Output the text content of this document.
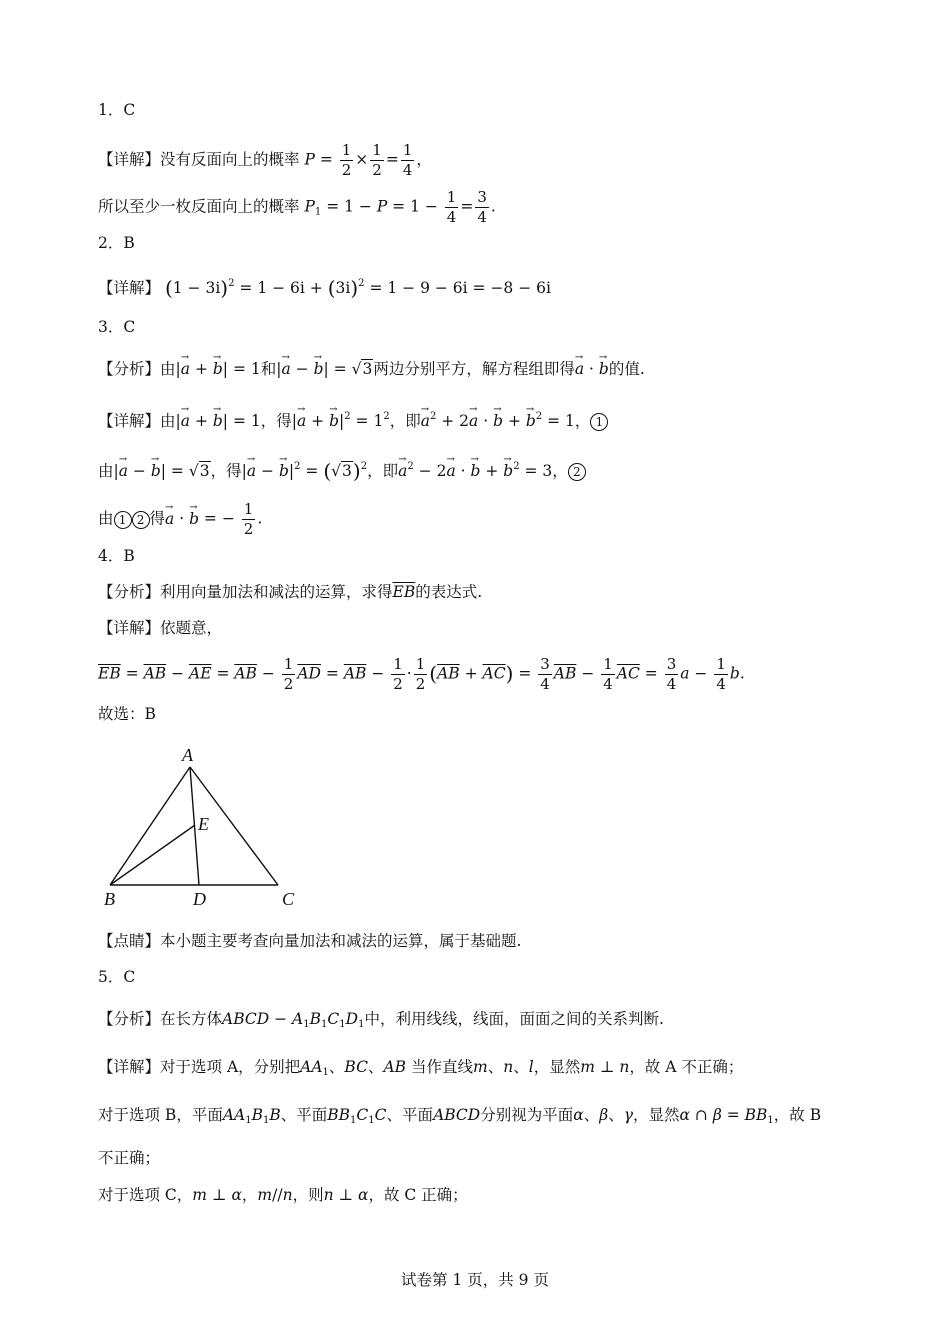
1．C
【详解】没有反面向上的概率 $P = \frac{1}{2} \times \frac{1}{2} = \frac{1}{4}$ ，
所以至少一枚反面向上的概率 $P_1 = 1 - P = 1 - \frac{1}{4} = \frac{3}{4}$ .
2．B
【详解】 $(1 - 3i)^2 = 1 - 6i + (3i)^2 = 1 - 9 - 6i = -8 - 6i$
3．C
【分析】由|→ a + → b| = 1和|→ a − → b| = √3两边分别平方，解方程组即得→ a · → b的值.
【详解】由|→ a + → b| = 1，得|→ a + → $b|^2 = 1^2$，即→ $a^2 + 2\to a$ · → b + → $b^2 = 1$， 1
由|→ a − → b| = √3，得|→ a − → $b|^2 = (√3)^2$，即→ $a^2 - 2\to a$ · → b + → $b^2 = 3$， 2
由 1 2 得→ a · → b = − $\frac{1}{2}$ .
4．B
【分析】利用向量加法和减法的运算，求得$\overline{EB}$的表达式.
【详解】依题意，
$\overline{EB} = \overline{AB} - \overline{AE} = \overline{AB} - \frac{1}{2} \overline{AD} = \overline{AB} - \frac{1}{2} \cdot \frac{1}{2} (\overline{AB} + \overline{AC}) = \frac{3}{4} \overline{AB} - \frac{1}{4} \overline{AC} = \frac{3}{4}$ $a - \frac{1}{4} b$.
故选：B
A
B	C
D
E
【点睛】本小题主要考查向量加法和减法的运算，属于基础题.
5．C
【分析】在长方体ABCD − $A_1B_1C_1D_1$中，利用线线，线面，面面之间的关系判断.
【详解】对于选项 A，分别把$AA_1$、BC、AB 当作直线m、n、l，显然m ⊥ n，故 A 不正确；
对于选项 B，平面$AA_1B_1B$、平面$BB_1C_1C$、平面ABCD分别视为平面α、β、γ，显然α ∩ $\beta = BB_1$，故 B
不正确；
对于选项 C，m ⊥ α，m//n，则n ⊥ α，故 C 正确；
试卷第 1 页，共 9 页
